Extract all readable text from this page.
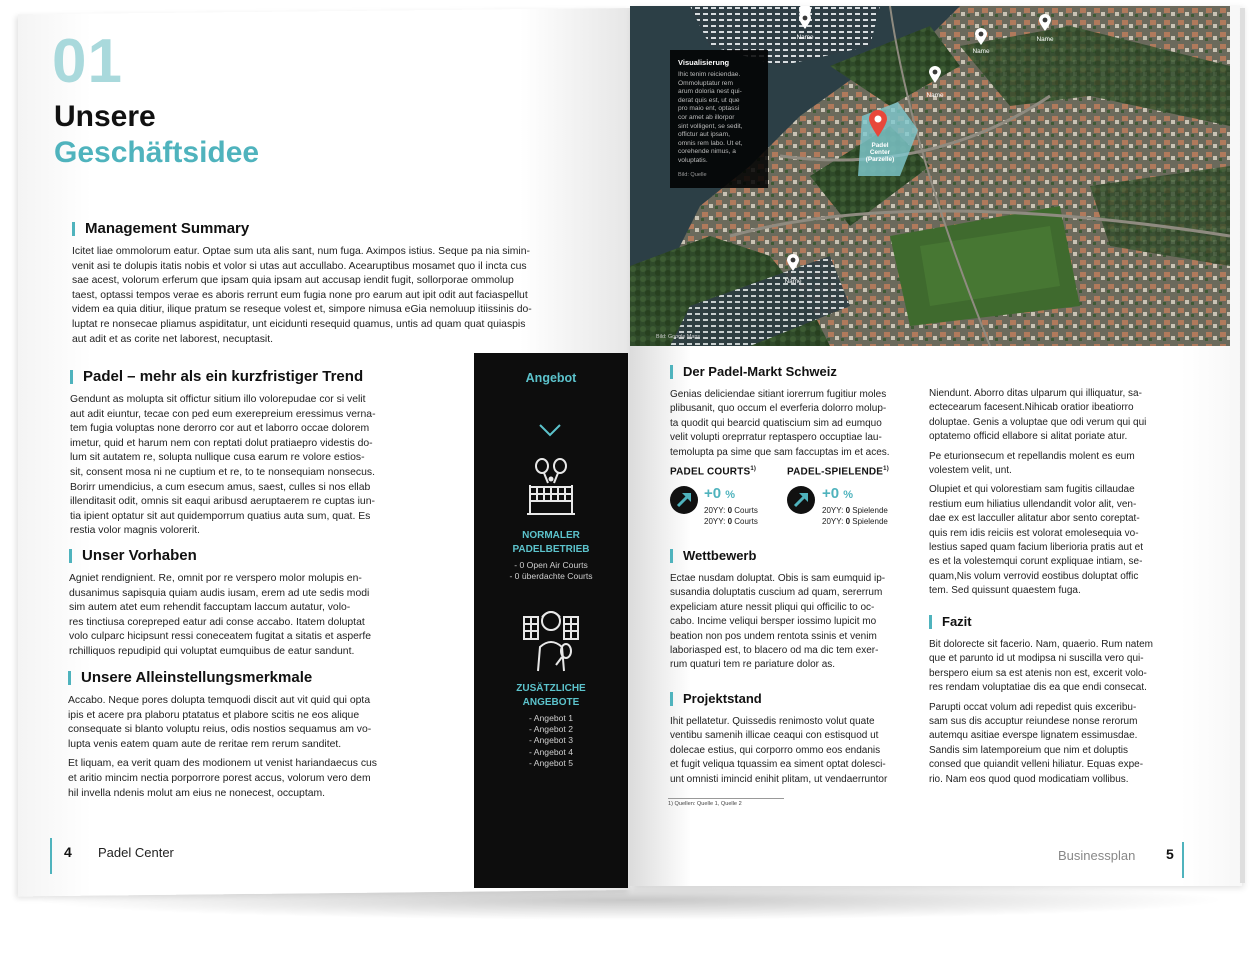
01
Unsere
Geschäftsidee
Management Summary

Icitet liae ommolorum eatur. Optae sum uta alis sant, num fuga. Aximpos istius. Seque pa nia simin-
venit asi te dolupis itatis nobis et volor si utas aut accullabo. Acearuptibus mosamet quo il incta cus
sae acest, volorum erferum que ipsam quia ipsam aut accusap iendit fugit, sollorporae ommolup
taest, optassi tempos verae es aboris rerrunt eum fugia none pro earum aut ipit odit aut faciaspellut
videm ea quia ditiur, ilique pratum se reseque volest et, simpore nimusa eGia nemoluup itiissinis do-
luptat re nonsecae pliamus aspiditatur, unt eicidunti resequid quamus, untis ad quam quat quiaspis
aut adit et as corite net laborest, necuptasit.

Padel – mehr als ein kurzfristiger Trend

Gendunt as molupta sit offictur sitium illo volorepudae cor si velit
aut adit eiuntur, tecae con ped eum exerepreium eressimus verna-
tem fugia voluptas none derorro cor aut et laborro occae dolorem
imetur, quid et harum nem con reptati dolut pratiaepro videstis do-
lum sit autatem re, solupta nullique cusa earum re volore estios-
sit, consent mosa ni ne cuptium et re, to te nonsequiam nonsecus.
Borirr umendicius, a cum esecum amus, saest, culles si nos ellab
illenditasit odit, omnis sit eaqui aribusd aeruptaerem re cuptas iun-
tia ipient optatur sit aut quidemporrum quatius auta sum, quat. Es
restia volor magnis volorerit.

Unser Vorhaben

Agniet rendignient. Re, omnit por re verspero molor molupis en-
dusanimus sapisquia quiam audis iusam, erem ad ute sedis modi
sim autem atet eum rehendit faccuptam laccum autatur, volo-
res tinctiusa corepreped eatur adi conse accabo. Itatem doluptat
volo culparc hicipsunt ressi coneceatem fugitat a sitatis et asperfe
rchilliquos repudipid qui voluptat eumquibus de eatur sandunt.

Unsere Alleinstellungsmerkmale

Accabo. Neque pores dolupta temquodi discit aut vit quid qui opta
ipis et acere pra plaboru ptatatus et plabore scitis ne eos alique
consequate si blanto voluptu reius, odis nostios sequamus am vo-
lupta venis eatem quam aute de reritae rem rerum sanditet.

Et liquam, ea verit quam des modionem ut venist hariandaecus cus
et aritio mincim nectia porporrore porest accus, volorum vero dem
hil invella ndenis molut am eius ne nonecest, occuptam.

4 Padel Center
Angebot
NORMALER
PADELBETRIEB
- 0 Open Air Courts
- 0 überdachte Courts
ZUSÄTZLICHE
ANGEBOTE
- Angebot 1
- Angebot 2
- Angebot 3
- Angebot 4
- Angebot 5
Name
Name
Name
Name
Name
Padel
Center
(Parzelle)
Bild: Google Maps
Visualisierung
Ihic tenim reiciendae.
Ommoluptatur rem
arum doloria nest qui-
derat quis est, ut que
pro maio ent, optassi
cor amet ab illorpor
sint volligent, se sedit,
offictur aut ipsam,
omnis rem labo. Ut et,
corehende nimus, a
voluptatis.
Bild: Quelle
Der Padel-Markt Schweiz

Genias deliciendae sitiant iorerrum fugitiur moles
plibusanit, quo occum el everferia dolorro molup-
ta quodit qui bearcid quatiscium sim ad eumquo
velit volupti oreprratur reptaspero occuptiae lau-
temolupta pa sime que sam faccuptas im et aces.

PADEL $COURTS^{1)}$
+0 %
20YY: 0 Courts
20YY: 0 Courts
PADEL-$SPIELENDE^{1)}$
+0 %
20YY: 0 Spielende
20YY: 0 Spielende
Wettbewerb

Ectae nusdam doluptat. Obis is sam eumquid ip-
susandia doluptatis cuscium ad quam, sererrum
expeliciam ature nessit pliqui qui officilic to oc-
cabo. Incime veliqui bersper iossimo lupicit mo
beation non pos undem rentota ssinis et venim
laboriasped est, to blacero od ma dic tem exer-
rum quaturi tem re pariature dolor as.

Projektstand

Ihit pellatetur. Quissedis renimosto volut quate
ventibu samenih illicae ceaqui con estisquod ut
dolecae estius, qui corporro ommo eos endanis
et fugit veliqua tquassim ea siment optat dolesci-
unt omnisti imincid enihit plitam, ut vendaerruntor

1) Quellen: Quelle 1, Quelle 2

Niendunt. Aborro ditas ulparum qui illiquatur, sa-
ectecearum facesent.Nihicab oratior ibeatiorro
doluptae. Genis a voluptae que odi verum qui qui
optatemo officid ellabore si alitat poriate atur.

Pe eturionsecum et repellandis molent es eum
volestem velit, unt.

Olupiet et qui volorestiam sam fugitis cillaudae
restium eum hiliatius ullendandit volor alit, ven-
dae ex est lacculler alitatur abor sento coreptat-
quis rem idis reiciis est volorat emolesequia vo-
lestius saped quam facium liberioria pratis aut et
es et la volestemqui corunt expliquae intiam, se-
quam,Nis volum verrovid eostibus doluptat offic
tem. Sed quissunt quaestem fuga.

Fazit

Bit dolorecte sit facerio. Nam, quaerio. Rum natem
que et parunto id ut modipsa ni suscilla vero qui-
berspero eium sa est atenis non est, excerit volo-
res rendam voluptatiae dis ea que endi consecat.

Parupti occat volum adi repedist quis exceribu-
sam sus dis accuptur reiundese nonse rerorum
autemqu asitiae everspe lignatem essimusdae.
Sandis sim latemporeium que nim et doluptis
consed que quiandit velleni hiliatur. Equas expe-
rio. Nam eos quod quod modicatiam vollibus.

Businessplan 5
